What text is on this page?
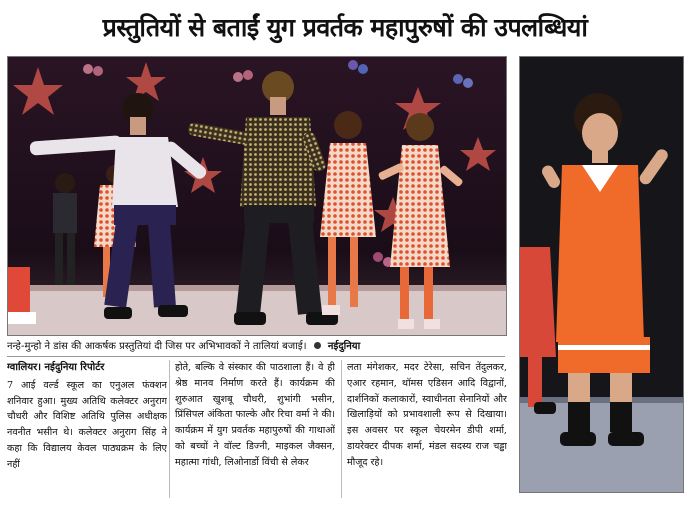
प्रस्तुतियों से बताईं युग प्रवर्तक महापुरुषों की उपलब्धियां
नन्हे-मुन्हो ने डांस की आकर्षक प्रस्तुतियां दी जिस पर अभिभावकों ने तालियां बजाई। नईदुनिया
ग्वालियर। नईदुनिया रिपोर्टर
7 आई वर्ल्ड स्कूल का एनुअल फंक्शन शनिवार हुआ। मुख्य अतिथि कलेक्टर अनुराग चौधरी और विशिष्ट अतिथि पुलिस अधीक्षक नवनीत भसीन थे। कलेक्टर अनुराग सिंह ने कहा कि विद्यालय केवल पाठ्यक्रम के लिए नहीं
होते, बल्कि वे संस्कार की पाठशाला हैं। वे ही श्रेष्ठ मानव निर्माण करते हैं। कार्यक्रम की शुरुआत खुशबू चौधरी, शुभांगी भसीन, प्रिंसिपल अंकिता फाल्के और रिचा वर्मा ने की। कार्यक्रम में युग प्रवर्तक महापुरुषों की गाथाओं को बच्चों ने वॉल्ट डिज्नी, माइकल जैक्सन, महात्मा गांधी, लिओनार्डो विंची से लेकर
लता मंगेशकर, मदर टेरेसा, सचिन तेंदुलकर, एआर रहमान, थॉमस एडिसन आदि विद्वानों, दार्शनिकों कलाकारों, स्वाधीनता सेनानियों और खिलाड़ियों को प्रभावशाली रूप से दिखाया। इस अवसर पर स्कूल चेयरमेन डीपी शर्मा, डायरेक्टर दीपक शर्मा, मंडल सदस्य राज चड्ढा मौजूद रहे।
